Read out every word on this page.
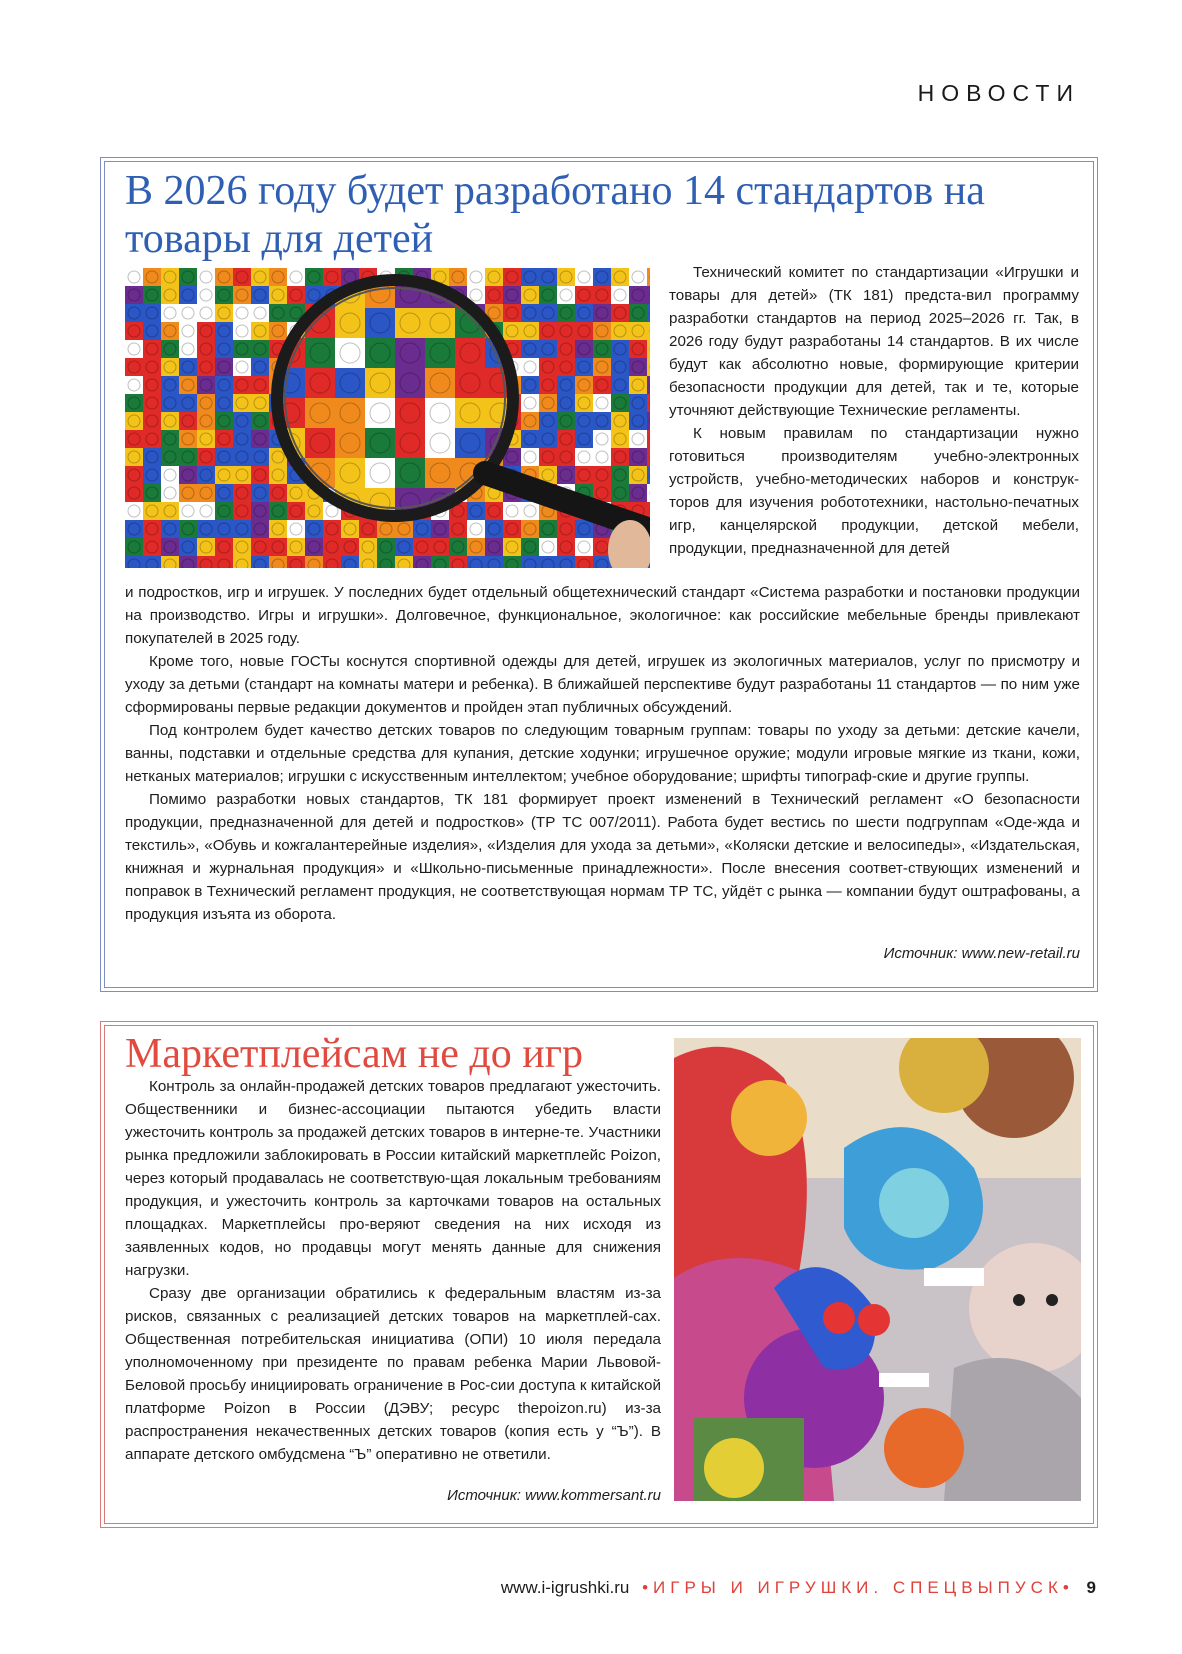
НОВОСТИ
В 2026 году будет разработано 14 стандартов на товары для детей

Технический комитет по стандартизации «Игрушки и товары для детей» (ТК 181) предста-вил программу разработки стандартов на период 2025–2026 гг. Так, в 2026 году будут разработаны 14 стандартов. В их числе будут как абсолютно новые, формирующие критерии безопасности продукции для детей, так и те, которые уточняют действующие Технические регламенты.

К новым правилам по стандартизации нужно готовиться производителям учебно-электронных устройств, учебно-методических наборов и конструк-торов для изучения робототехники, настольно-печатных игр, канцелярской продукции, детской мебели, продукции, предназначенной для детей

и подростков, игр и игрушек. У последних будет отдельный общетехнический стандарт «Система разработки и постановки продукции на производство. Игры и игрушки». Долговечное, функциональное, экологичное: как российские мебельные бренды привлекают покупателей в 2025 году.

Кроме того, новые ГОСТы коснутся спортивной одежды для детей, игрушек из экологичных материалов, услуг по присмотру и уходу за детьми (стандарт на комнаты матери и ребенка). В ближайшей перспективе будут разработаны 11 стандартов — по ним уже сформированы первые редакции документов и пройден этап публичных обсуждений.

Под контролем будет качество детских товаров по следующим товарным группам: товары по уходу за детьми: детские качели, ванны, подставки и отдельные средства для купания, детские ходунки; игрушечное оружие; модули игровые мягкие из ткани, кожи, нетканых материалов; игрушки с искусственным интеллектом; учебное оборудование; шрифты типограф-ские и другие группы.

Помимо разработки новых стандартов, ТК 181 формирует проект изменений в Технический регламент «О безопасности продукции, предназначенной для детей и подростков» (ТР ТС 007/2011). Работа будет вестись по шести подгруппам «Оде-жда и текстиль», «Обувь и кожгалантерейные изделия», «Изделия для ухода за детьми», «Коляски детские и велосипеды», «Издательская, книжная и журнальная продукция» и «Школьно-письменные принадлежности». После внесения соответ-ствующих изменений и поправок в Технический регламент продукция, не соответствующая нормам ТР ТС, уйдёт с рынка — компании будут оштрафованы, а продукция изъята из оборота.

Источник: www.new-retail.ru
Маркетплейсам не до игр

Контроль за онлайн-продажей детских товаров предлагают ужесточить. Общественники и бизнес-ассоциации пытаются убедить власти ужесточить контроль за продажей детских товаров в интерне-те. Участники рынка предложили заблокировать в России китайский маркетплейс Poizon, через который продавалась не соответствую-щая локальным требованиям продукция, и ужесточить контроль за карточками товаров на остальных площадках. Маркетплейсы про-веряют сведения на них исходя из заявленных кодов, но продавцы могут менять данные для снижения нагрузки.

Сразу две организации обратились к федеральным властям из-за рисков, связанных с реализацией детских товаров на маркетплей-сах. Общественная потребительская инициатива (ОПИ) 10 июля передала уполномоченному при президенте по правам ребенка Марии Львовой-Беловой просьбу инициировать ограничение в Рос-сии доступа к китайской платформе Poizon в России (ДЭВУ; ресурс thepoizon.ru) из-за распространения некачественных детских товаров (копия есть у “Ъ”). В аппарате детского омбудсмена “Ъ” оперативно не ответили.

Источник: www.kommersant.ru
www.i-igrushki.ru •ИГРЫ И ИГРУШКИ. СПЕЦВЫПУСК• 9
